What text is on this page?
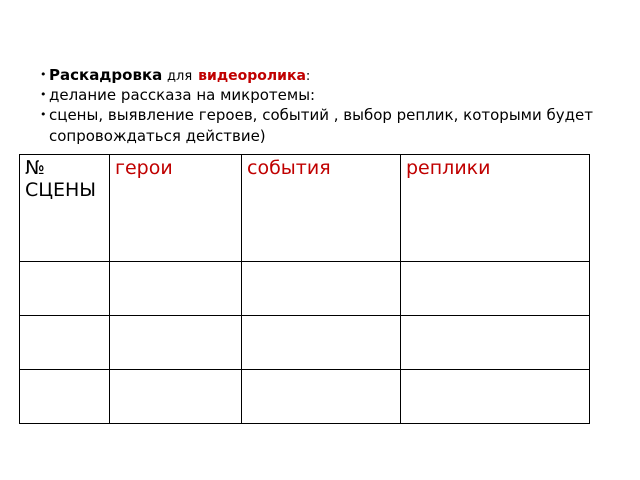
• Раскадровка для видеоролика:
• делание рассказа на микротемы:
• сцены, выявление героев, событий , выбор реплик, которыми будет сопровождаться действие)
№ СЦЕНЫ	герои	события	реплики
